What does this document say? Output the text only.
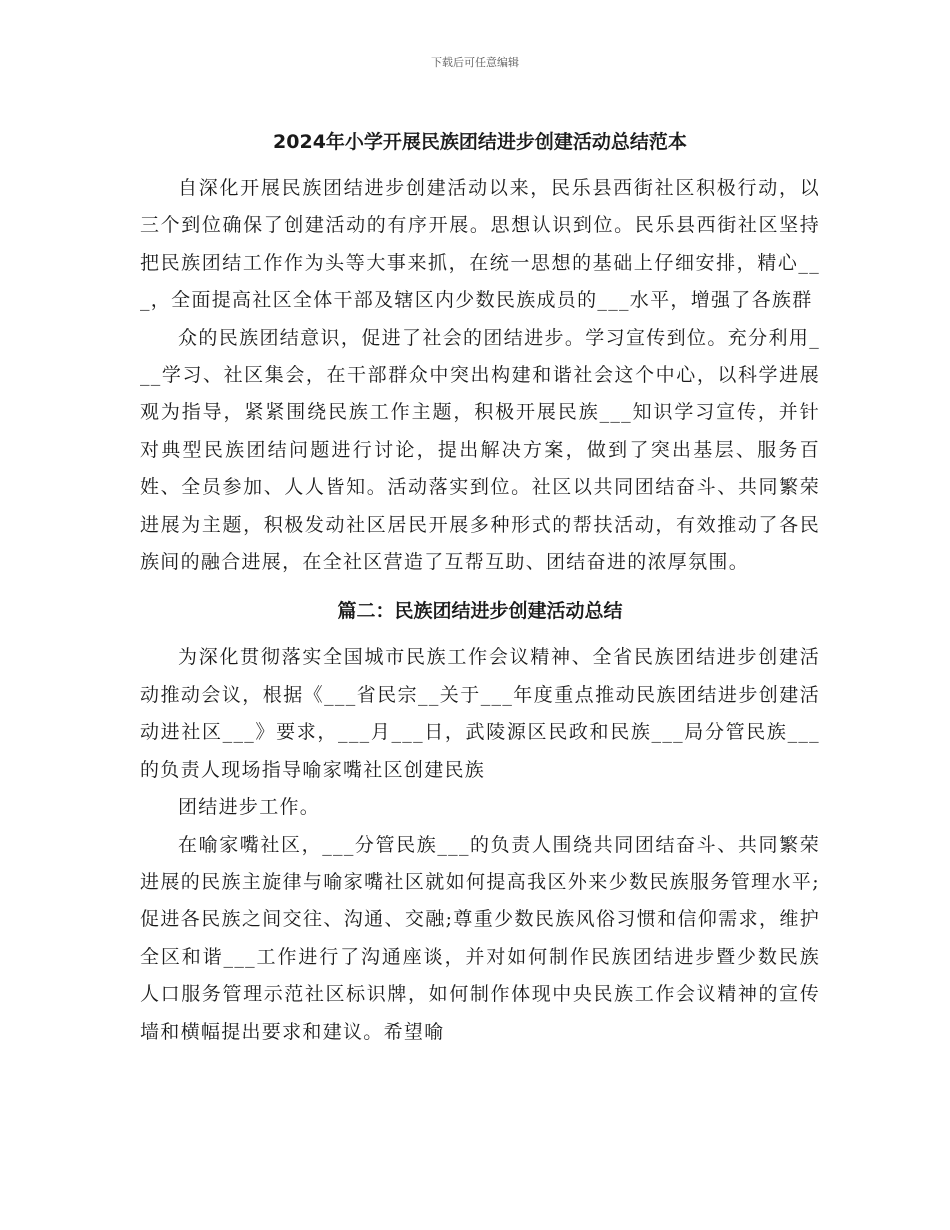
下载后可任意编辑
2024年小学开展民族团结进步创建活动总结范本

自深化开展民族团结进步创建活动以来，民乐县西街社区积极行动，以三个到位确保了创建活动的有序开展。思想认识到位。民乐县西街社区坚持把民族团结工作作为头等大事来抓，在统一思想的基础上仔细安排，精心___，全面提高社区全体干部及辖区内少数民族成员的___水平，增强了各族群

众的民族团结意识，促进了社会的团结进步。学习宣传到位。充分利用___学习、社区集会，在干部群众中突出构建和谐社会这个中心，以科学进展观为指导，紧紧围绕民族工作主题，积极开展民族___知识学习宣传，并针对典型民族团结问题进行讨论，提出解决方案，做到了突出基层、服务百姓、全员参加、人人皆知。活动落实到位。社区以共同团结奋斗、共同繁荣进展为主题，积极发动社区居民开展多种形式的帮扶活动，有效推动了各民族间的融合进展，在全社区营造了互帮互助、团结奋进的浓厚氛围。

篇二：民族团结进步创建活动总结

为深化贯彻落实全国城市民族工作会议精神、全省民族团结进步创建活动推动会议，根据《___省民宗__关于___年度重点推动民族团结进步创建活动进社区___》要求，___月___日，武陵源区民政和民族___局分管民族___的负责人现场指导喻家嘴社区创建民族

团结进步工作。

在喻家嘴社区，___分管民族___的负责人围绕共同团结奋斗、共同繁荣进展的民族主旋律与喻家嘴社区就如何提高我区外来少数民族服务管理水平;促进各民族之间交往、沟通、交融;尊重少数民族风俗习惯和信仰需求，维护全区和谐___工作进行了沟通座谈，并对如何制作民族团结进步暨少数民族人口服务管理示范社区标识牌，如何制作体现中央民族工作会议精神的宣传墙和横幅提出要求和建议。希望喻
